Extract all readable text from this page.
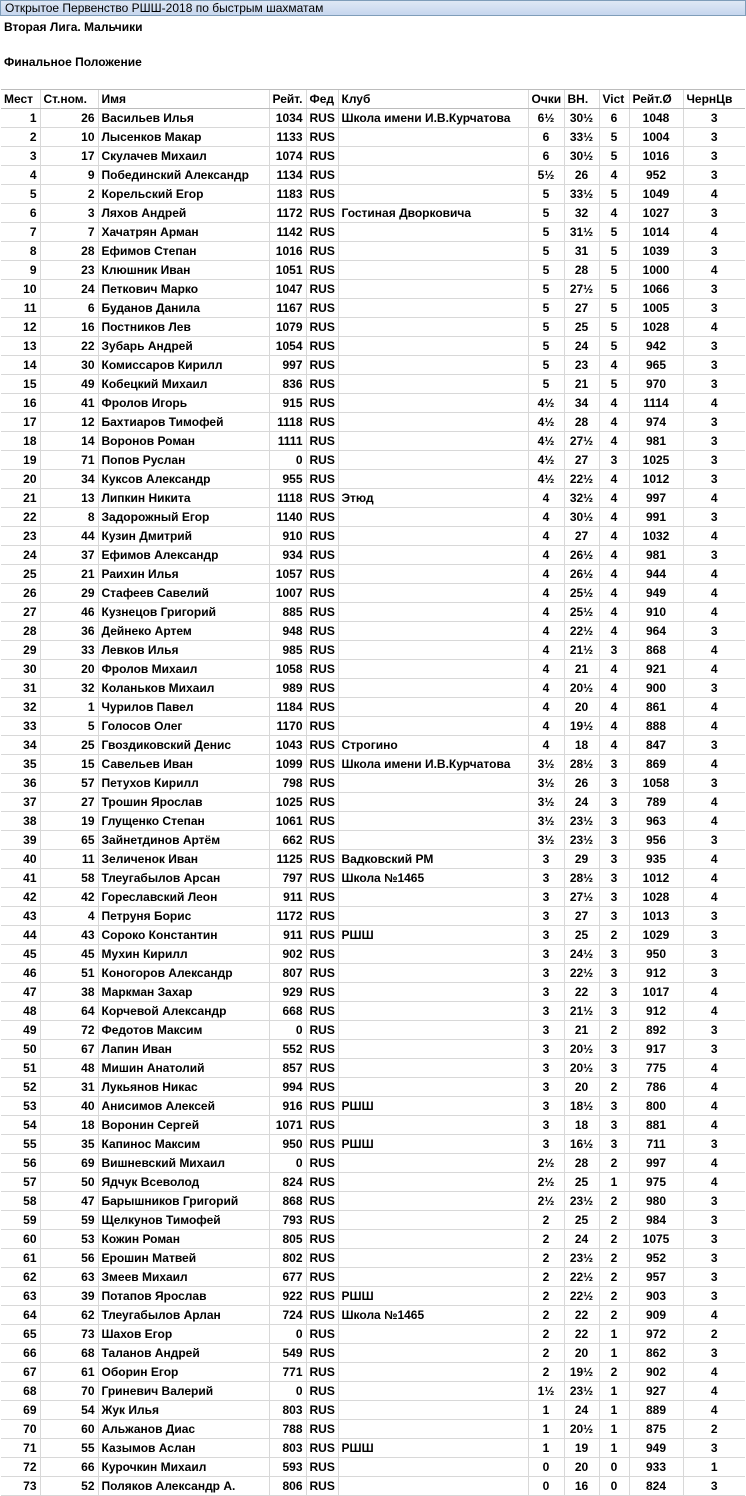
Открытое Первенство РШШ-2018 по быстрым шахматам
Вторая Лига. Мальчики
Финальное Положение
Мест	Ст.ном.	Имя	Рейт.	Фед	Клуб	Очки	ВН.	Vict	Рейт.Ø	ЧернЦв
1	26	Васильев Илья	1034	RUS	Школа имени И.В.Курчатова	6½	30½	6	1048	3
2	10	Лысенков Макар	1133	RUS		6	33½	5	1004	3
3	17	Скулачев Михаил	1074	RUS		6	30½	5	1016	3
4	9	Побединский Александр	1134	RUS		5½	26	4	952	3
5	2	Корельский Егор	1183	RUS		5	33½	5	1049	4
6	3	Ляхов Андрей	1172	RUS	Гостиная Дворковича	5	32	4	1027	3
7	7	Хачатрян Арман	1142	RUS		5	31½	5	1014	4
8	28	Ефимов Степан	1016	RUS		5	31	5	1039	3
9	23	Клюшник Иван	1051	RUS		5	28	5	1000	4
10	24	Петкович Марко	1047	RUS		5	27½	5	1066	3
11	6	Буданов Данила	1167	RUS		5	27	5	1005	3
12	16	Постников Лев	1079	RUS		5	25	5	1028	4
13	22	Зубарь Андрей	1054	RUS		5	24	5	942	3
14	30	Комиссаров Кирилл	997	RUS		5	23	4	965	3
15	49	Кобецкий Михаил	836	RUS		5	21	5	970	3
16	41	Фролов Игорь	915	RUS		4½	34	4	1114	4
17	12	Бахтиаров Тимофей	1118	RUS		4½	28	4	974	3
18	14	Воронов Роман	1111	RUS		4½	27½	4	981	3
19	71	Попов Руслан	0	RUS		4½	27	3	1025	3
20	34	Куксов Александр	955	RUS		4½	22½	4	1012	3
21	13	Липкин Никита	1118	RUS	Этюд	4	32½	4	997	4
22	8	Задорожный Егор	1140	RUS		4	30½	4	991	3
23	44	Кузин Дмитрий	910	RUS		4	27	4	1032	4
24	37	Ефимов Александр	934	RUS		4	26½	4	981	3
25	21	Раихин Илья	1057	RUS		4	26½	4	944	4
26	29	Стафеев Савелий	1007	RUS		4	25½	4	949	4
27	46	Кузнецов Григорий	885	RUS		4	25½	4	910	4
28	36	Дейнеко Артем	948	RUS		4	22½	4	964	3
29	33	Левков Илья	985	RUS		4	21½	3	868	4
30	20	Фролов Михаил	1058	RUS		4	21	4	921	4
31	32	Коланьков Михаил	989	RUS		4	20½	4	900	3
32	1	Чурилов Павел	1184	RUS		4	20	4	861	4
33	5	Голосов Олег	1170	RUS		4	19½	4	888	4
34	25	Гвоздиковский Денис	1043	RUS	Строгино	4	18	4	847	3
35	15	Савельев Иван	1099	RUS	Школа имени И.В.Курчатова	3½	28½	3	869	4
36	57	Петухов Кирилл	798	RUS		3½	26	3	1058	3
37	27	Трошин Ярослав	1025	RUS		3½	24	3	789	4
38	19	Глущенко Степан	1061	RUS		3½	23½	3	963	4
39	65	Зайнетдинов Артём	662	RUS		3½	23½	3	956	3
40	11	Зеличенок Иван	1125	RUS	Вадковский РМ	3	29	3	935	4
41	58	Тлеугабылов Арсан	797	RUS	Школа №1465	3	28½	3	1012	4
42	42	Гореславский Леон	911	RUS		3	27½	3	1028	4
43	4	Петруня Борис	1172	RUS		3	27	3	1013	3
44	43	Сороко Константин	911	RUS	РШШ	3	25	2	1029	3
45	45	Мухин Кирилл	902	RUS		3	24½	3	950	3
46	51	Коногоров Александр	807	RUS		3	22½	3	912	3
47	38	Маркман Захар	929	RUS		3	22	3	1017	4
48	64	Корчевой Александр	668	RUS		3	21½	3	912	4
49	72	Федотов Максим	0	RUS		3	21	2	892	3
50	67	Лапин Иван	552	RUS		3	20½	3	917	3
51	48	Мишин Анатолий	857	RUS		3	20½	3	775	4
52	31	Лукьянов Никас	994	RUS		3	20	2	786	4
53	40	Анисимов Алексей	916	RUS	РШШ	3	18½	3	800	4
54	18	Воронин Сергей	1071	RUS		3	18	3	881	4
55	35	Капинос Максим	950	RUS	РШШ	3	16½	3	711	3
56	69	Вишневский Михаил	0	RUS		2½	28	2	997	4
57	50	Ядчук Всеволод	824	RUS		2½	25	1	975	4
58	47	Барышников Григорий	868	RUS		2½	23½	2	980	3
59	59	Щелкунов Тимофей	793	RUS		2	25	2	984	3
60	53	Кожин Роман	805	RUS		2	24	2	1075	3
61	56	Ерошин Матвей	802	RUS		2	23½	2	952	3
62	63	Змеев Михаил	677	RUS		2	22½	2	957	3
63	39	Потапов Ярослав	922	RUS	РШШ	2	22½	2	903	3
64	62	Тлеугабылов Арлан	724	RUS	Школа №1465	2	22	2	909	4
65	73	Шахов Егор	0	RUS		2	22	1	972	2
66	68	Таланов Андрей	549	RUS		2	20	1	862	3
67	61	Оборин Егор	771	RUS		2	19½	2	902	4
68	70	Гриневич Валерий	0	RUS		1½	23½	1	927	4
69	54	Жук Илья	803	RUS		1	24	1	889	4
70	60	Альжанов Диас	788	RUS		1	20½	1	875	2
71	55	Казымов Аслан	803	RUS	РШШ	1	19	1	949	3
72	66	Курочкин Михаил	593	RUS		0	20	0	933	1
73	52	Поляков Александр А.	806	RUS		0	16	0	824	3
